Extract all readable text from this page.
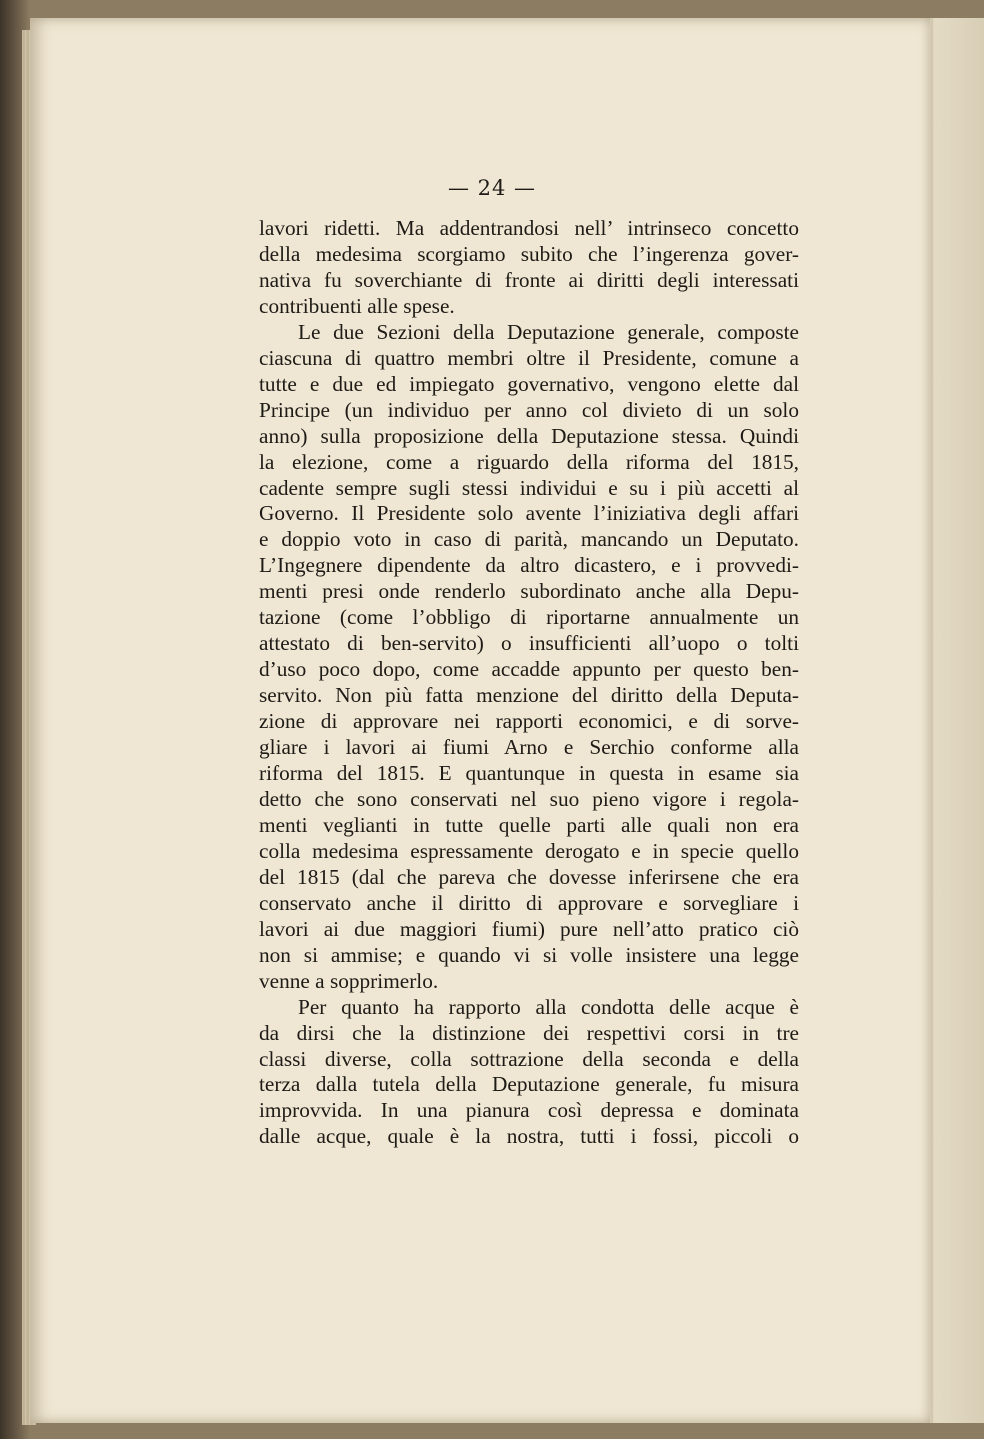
— 24 —
lavori ridetti. Ma addentrandosi nell’ intrinseco concetto
della medesima scorgiamo subito che l’ingerenza gover-
nativa fu soverchiante di fronte ai diritti degli interessati
contribuenti alle spese.
Le due Sezioni della Deputazione generale, composte
ciascuna di quattro membri oltre il Presidente, comune a
tutte e due ed impiegato governativo, vengono elette dal
Principe (un individuo per anno col divieto di un solo
anno) sulla proposizione della Deputazione stessa. Quindi
la elezione, come a riguardo della riforma del 1815,
cadente sempre sugli stessi individui e su i più accetti al
Governo. Il Presidente solo avente l’iniziativa degli affari
e doppio voto in caso di parità, mancando un Deputato.
L’Ingegnere dipendente da altro dicastero, e i provvedi-
menti presi onde renderlo subordinato anche alla Depu-
tazione (come l’obbligo di riportarne annualmente un
attestato di ben-servito) o insufficienti all’uopo o tolti
d’uso poco dopo, come accadde appunto per questo ben-
servito. Non più fatta menzione del diritto della Deputa-
zione di approvare nei rapporti economici, e di sorve-
gliare i lavori ai fiumi Arno e Serchio conforme alla
riforma del 1815. E quantunque in questa in esame sia
detto che sono conservati nel suo pieno vigore i regola-
menti veglianti in tutte quelle parti alle quali non era
colla medesima espressamente derogato e in specie quello
del 1815 (dal che pareva che dovesse inferirsene che era
conservato anche il diritto di approvare e sorvegliare i
lavori ai due maggiori fiumi) pure nell’atto pratico ciò
non si ammise; e quando vi si volle insistere una legge
venne a sopprimerlo.
Per quanto ha rapporto alla condotta delle acque è
da dirsi che la distinzione dei respettivi corsi in tre
classi diverse, colla sottrazione della seconda e della
terza dalla tutela della Deputazione generale, fu misura
improvvida. In una pianura così depressa e dominata
dalle acque, quale è la nostra, tutti i fossi, piccoli o
